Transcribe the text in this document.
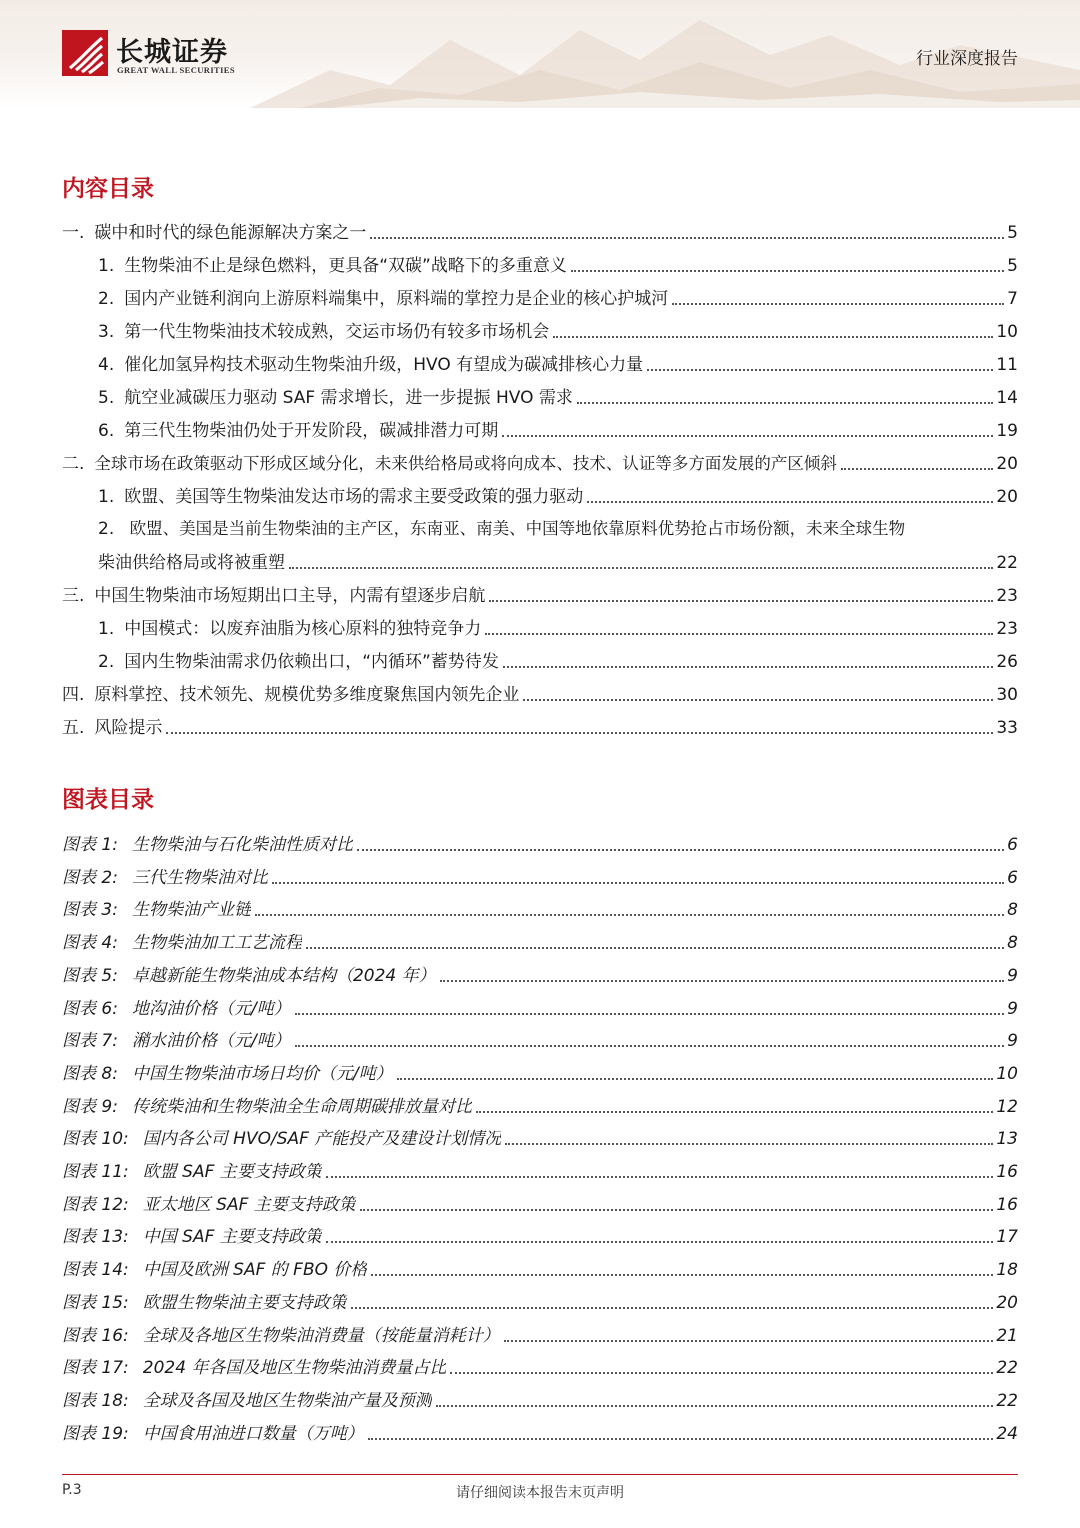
长城证券
GREAT WALL SECURITIES
行业深度报告
内容目录
一. 碳中和时代的绿色能源解决方案之一	5
1. 生物柴油不止是绿色燃料，更具备“双碳”战略下的多重意义	5
2. 国内产业链利润向上游原料端集中，原料端的掌控力是企业的核心护城河	7
3. 第一代生物柴油技术较成熟，交运市场仍有较多市场机会	10
4. 催化加氢异构技术驱动生物柴油升级，HVO 有望成为碳减排核心力量	11
5. 航空业减碳压力驱动 SAF 需求增长，进一步提振 HVO 需求	14
6. 第三代生物柴油仍处于开发阶段，碳减排潜力可期	19
二. 全球市场在政策驱动下形成区域分化，未来供给格局或将向成本、技术、认证等多方面发展的产区倾斜	20
1. 欧盟、美国等生物柴油发达市场的需求主要受政策的强力驱动	20
2. 欧盟、美国是当前生物柴油的主产区，东南亚、南美、中国等地依靠原料优势抢占市场份额，未来全球生物
柴油供给格局或将被重塑	22
三. 中国生物柴油市场短期出口主导，内需有望逐步启航	23
1. 中国模式：以废弃油脂为核心原料的独特竞争力	23
2. 国内生物柴油需求仍依赖出口，“内循环”蓄势待发	26
四. 原料掌控、技术领先、规模优势多维度聚焦国内领先企业	30
五. 风险提示	33
图表目录
图表 1: 生物柴油与石化柴油性质对比	6
图表 2: 三代生物柴油对比	6
图表 3: 生物柴油产业链	8
图表 4: 生物柴油加工工艺流程	8
图表 5: 卓越新能生物柴油成本结构（2024 年）	9
图表 6: 地沟油价格（元/吨）	9
图表 7: 潲水油价格（元/吨）	9
图表 8: 中国生物柴油市场日均价（元/吨）	10
图表 9: 传统柴油和生物柴油全生命周期碳排放量对比	12
图表 10: 国内各公司 HVO/SAF 产能投产及建设计划情况	13
图表 11: 欧盟 SAF 主要支持政策	16
图表 12: 亚太地区 SAF 主要支持政策	16
图表 13: 中国 SAF 主要支持政策	17
图表 14: 中国及欧洲 SAF 的 FBO 价格	18
图表 15: 欧盟生物柴油主要支持政策	20
图表 16: 全球及各地区生物柴油消费量（按能量消耗计）	21
图表 17: 2024 年各国及地区生物柴油消费量占比	22
图表 18: 全球及各国及地区生物柴油产量及预测	22
图表 19: 中国食用油进口数量（万吨）	24
P.3	请仔细阅读本报告末页声明
